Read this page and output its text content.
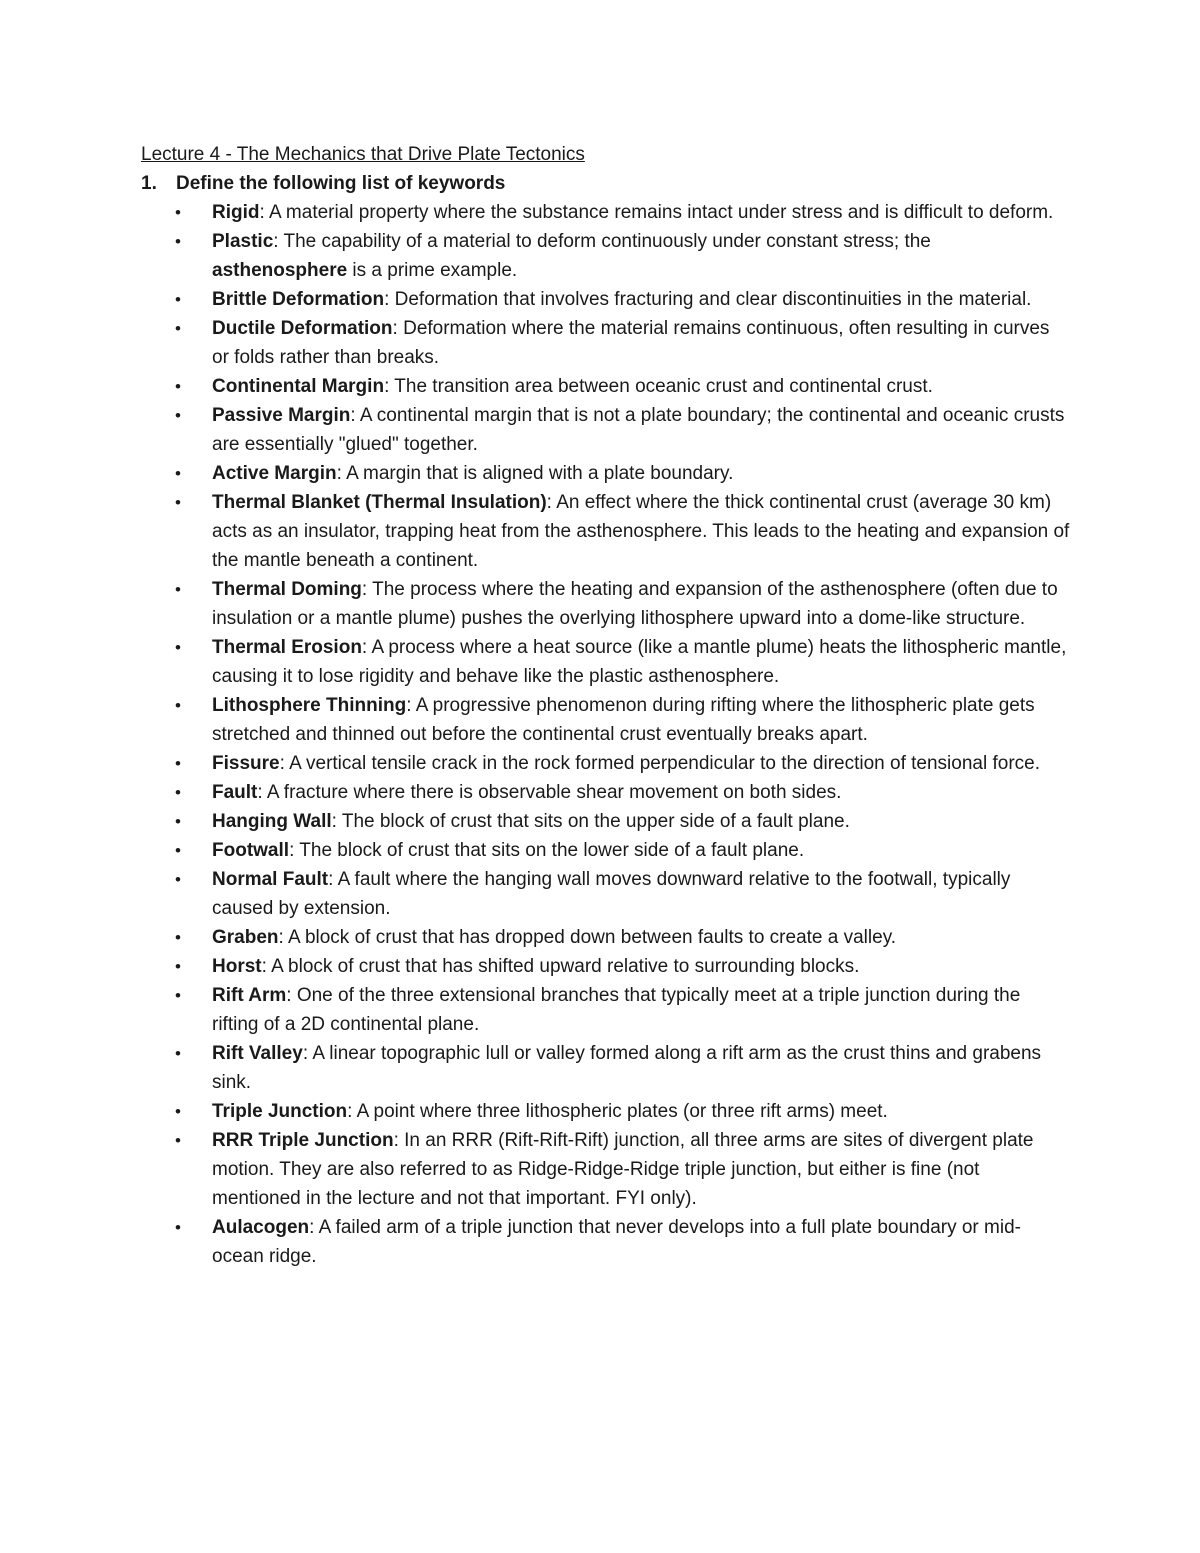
Lecture 4 - The Mechanics that Drive Plate Tectonics

1.	Define the following list of keywords

• Rigid: A material property where the substance remains intact under stress and is difficult to deform.
• Plastic: The capability of a material to deform continuously under constant stress; the asthenosphere is a prime example.
• Brittle Deformation: Deformation that involves fracturing and clear discontinuities in the material.
• Ductile Deformation: Deformation where the material remains continuous, often resulting in curves or folds rather than breaks.
• Continental Margin: The transition area between oceanic crust and continental crust.
• Passive Margin: A continental margin that is not a plate boundary; the continental and oceanic crusts are essentially "glued" together.
• Active Margin: A margin that is aligned with a plate boundary.
• Thermal Blanket (Thermal Insulation): An effect where the thick continental crust (average 30 km) acts as an insulator, trapping heat from the asthenosphere. This leads to the heating and expansion of the mantle beneath a continent.
• Thermal Doming: The process where the heating and expansion of the asthenosphere (often due to insulation or a mantle plume) pushes the overlying lithosphere upward into a dome-like structure.
• Thermal Erosion: A process where a heat source (like a mantle plume) heats the lithospheric mantle, causing it to lose rigidity and behave like the plastic asthenosphere.
• Lithosphere Thinning: A progressive phenomenon during rifting where the lithospheric plate gets stretched and thinned out before the continental crust eventually breaks apart.
• Fissure: A vertical tensile crack in the rock formed perpendicular to the direction of tensional force.
• Fault: A fracture where there is observable shear movement on both sides.
• Hanging Wall: The block of crust that sits on the upper side of a fault plane.
• Footwall: The block of crust that sits on the lower side of a fault plane.
• Normal Fault: A fault where the hanging wall moves downward relative to the footwall, typically caused by extension.
• Graben: A block of crust that has dropped down between faults to create a valley.
• Horst: A block of crust that has shifted upward relative to surrounding blocks.
• Rift Arm: One of the three extensional branches that typically meet at a triple junction during the rifting of a 2D continental plane.
• Rift Valley: A linear topographic lull or valley formed along a rift arm as the crust thins and grabens sink.
• Triple Junction: A point where three lithospheric plates (or three rift arms) meet.
• RRR Triple Junction: In an RRR (Rift-Rift-Rift) junction, all three arms are sites of divergent plate motion. They are also referred to as Ridge-Ridge-Ridge triple junction, but either is fine (not mentioned in the lecture and not that important. FYI only).
• Aulacogen: A failed arm of a triple junction that never develops into a full plate boundary or mid-ocean ridge.
